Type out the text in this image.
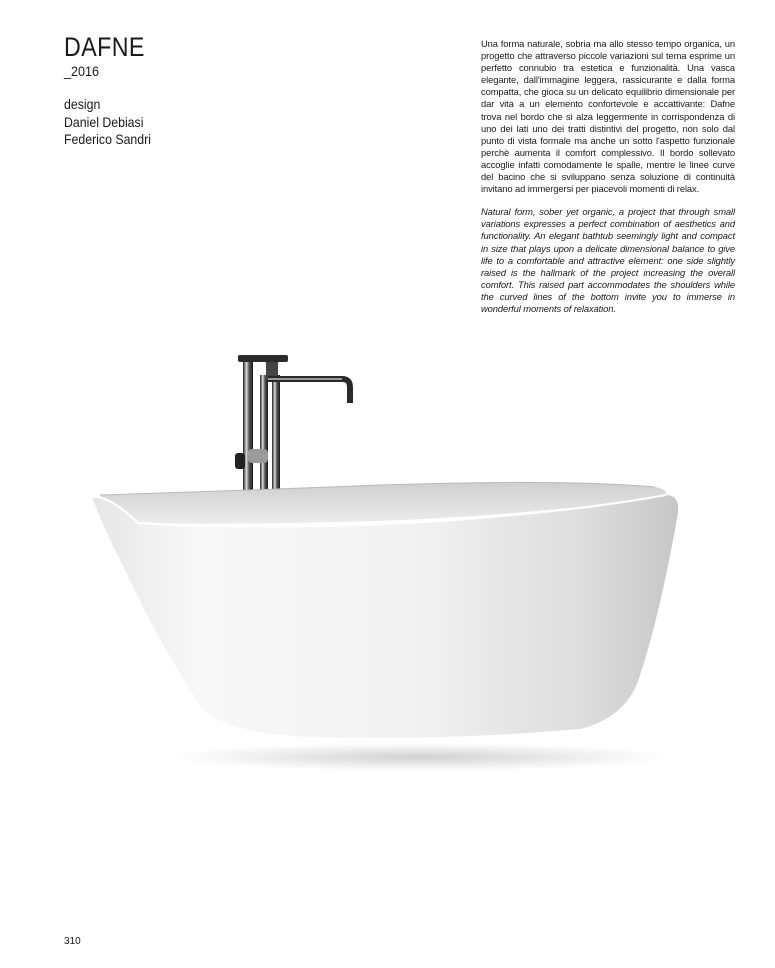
DAFNE
_2016
design
Daniel Debiasi
Federico Sandri

Una forma naturale, sobria ma allo stesso tempo organica, un progetto che attraverso piccole variazioni sul tema esprime un perfetto connubio tra estetica e funzionalità. Una vasca elegante, dall'immagine leggera, rassicurante e dalla forma compatta, che gioca su un delicato equilibrio dimensionale per dar vita a un elemento confortevole e accattivante: Dafne trova nel bordo che si alza leggermente in corrispondenza di uno dei lati uno dei tratti distintivi del progetto, non solo dal punto di vista formale ma anche un sotto l'aspetto funzionale perchè aumenta il comfort complessivo. Il bordo sollevato accoglie infatti comodamente le spalle, mentre le linee curve del bacino che si sviluppano senza soluzione di continuità invitano ad immergersi per piacevoli momenti di relax.

Natural form, sober yet organic, a project that through small variations expresses a perfect combination of aesthetics and functionality. An elegant bathtub seemingly light and compact in size that plays upon a delicate dimensional balance to give life to a comfortable and attractive element: one side slightly raised is the hallmark of the project increasing the overall comfort. This raised part accommodates the shoulders while the curved lines of the bottom invite you to immerse in wonderful moments of relaxation.

310
